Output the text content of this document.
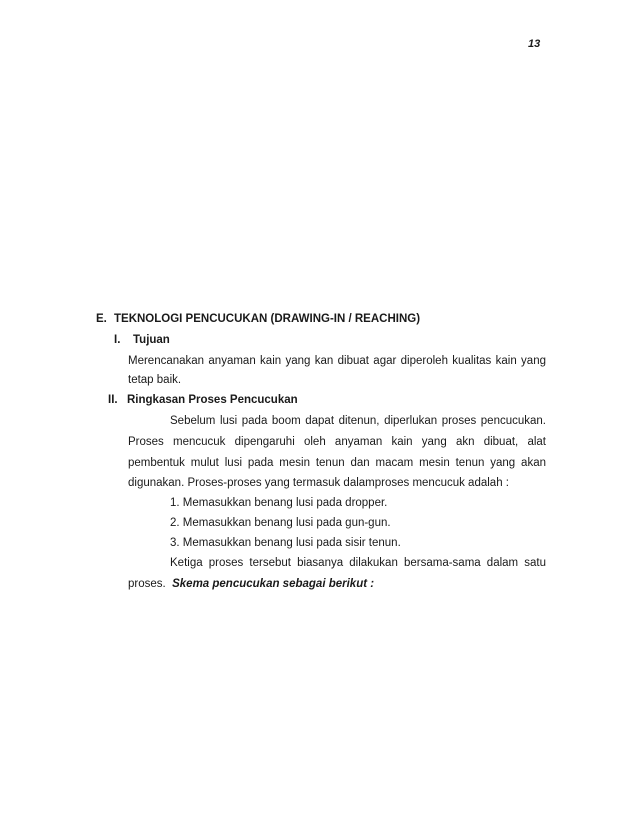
13
E. TEKNOLOGI PENCUCUKAN (DRAWING-IN / REACHING)
I. Tujuan
Merencanakan anyaman kain yang kan dibuat agar diperoleh kualitas kain yang
tetap baik.
II. Ringkasan Proses Pencucukan
Sebelum lusi pada boom dapat ditenun, diperlukan proses pencucukan.
Proses mencucuk dipengaruhi oleh anyaman kain yang akn dibuat, alat
pembentuk mulut lusi pada mesin tenun dan macam mesin tenun yang akan
digunakan. Proses-proses yang termasuk dalamproses mencucuk adalah :
1. Memasukkan benang lusi pada dropper.
2. Memasukkan benang lusi pada gun-gun.
3. Memasukkan benang lusi pada sisir tenun.
Ketiga proses tersebut biasanya dilakukan bersama-sama dalam satu
proses. Skema pencucukan sebagai berikut :
